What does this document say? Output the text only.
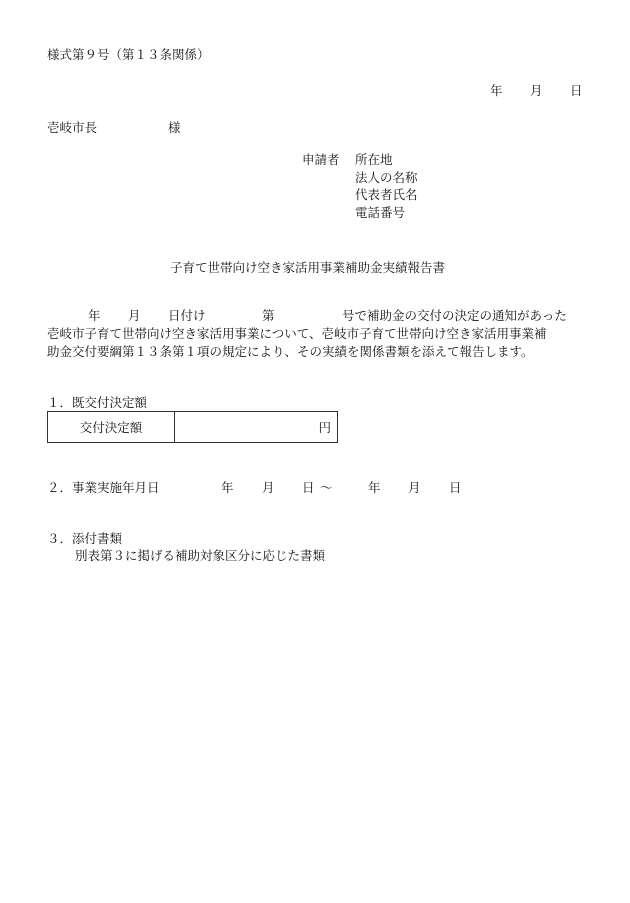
様式第９号（第１３条関係）
年 月 日
壱岐市長	様
申請者 所在地
法人の名称
代表者氏名
電話番号
子育て世帯向け空き家活用事業補助金実績報告書
年 月 日付け	第	号で補助金の交付の決定の通知があった
壱岐市子育て世帯向け空き家活用事業について、壱岐市子育て世帯向け空き家活用事業補
助金交付要綱第１３条第１項の規定により、その実績を関係書類を添えて報告します。
１．既交付決定額
交付決定額	円
２．事業実施年月日	年 月 日 ～	年 月 日
３．添付書類
別表第３に掲げる補助対象区分に応じた書類
